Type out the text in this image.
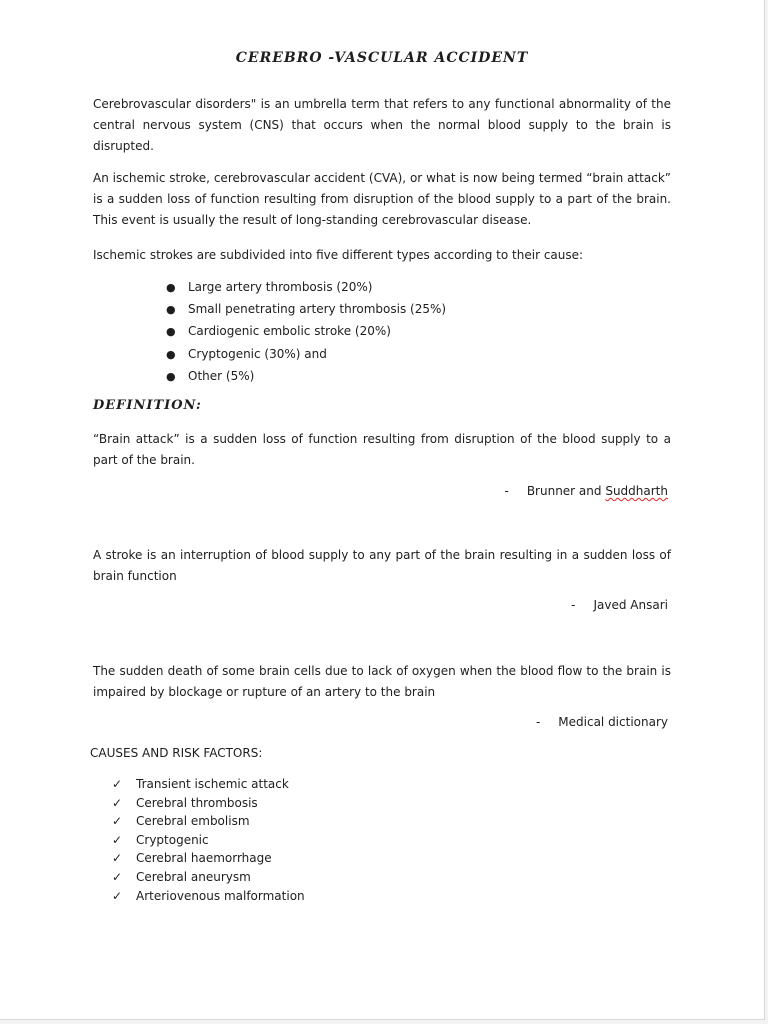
CEREBRO -VASCULAR ACCIDENT

Cerebrovascular disorders" is an umbrella term that refers to any functional abnormality of the central nervous system (CNS) that occurs when the normal blood supply to the brain is disrupted.

An ischemic stroke, cerebrovascular accident (CVA), or what is now being termed “brain attack” is a sudden loss of function resulting from disruption of the blood supply to a part of the brain. This event is usually the result of long-standing cerebrovascular disease.

Ischemic strokes are subdivided into five different types according to their cause:

● Large artery thrombosis (20%)
● Small penetrating artery thrombosis (25%)
● Cardiogenic embolic stroke (20%)
● Cryptogenic (30%) and
● Other (5%)
DEFINITION:

“Brain attack” is a sudden loss of function resulting from disruption of the blood supply to a part of the brain.

- Brunner and Suddharth

A stroke is an interruption of blood supply to any part of the brain resulting in a sudden loss of brain function

- Javed Ansari

The sudden death of some brain cells due to lack of oxygen when the blood flow to the brain is impaired by blockage or rupture of an artery to the brain

- Medical dictionary
CAUSES AND RISK FACTORS:
✓ Transient ischemic attack
✓ Cerebral thrombosis
✓ Cerebral embolism
✓ Cryptogenic
✓ Cerebral haemorrhage
✓ Cerebral aneurysm
✓ Arteriovenous malformation
